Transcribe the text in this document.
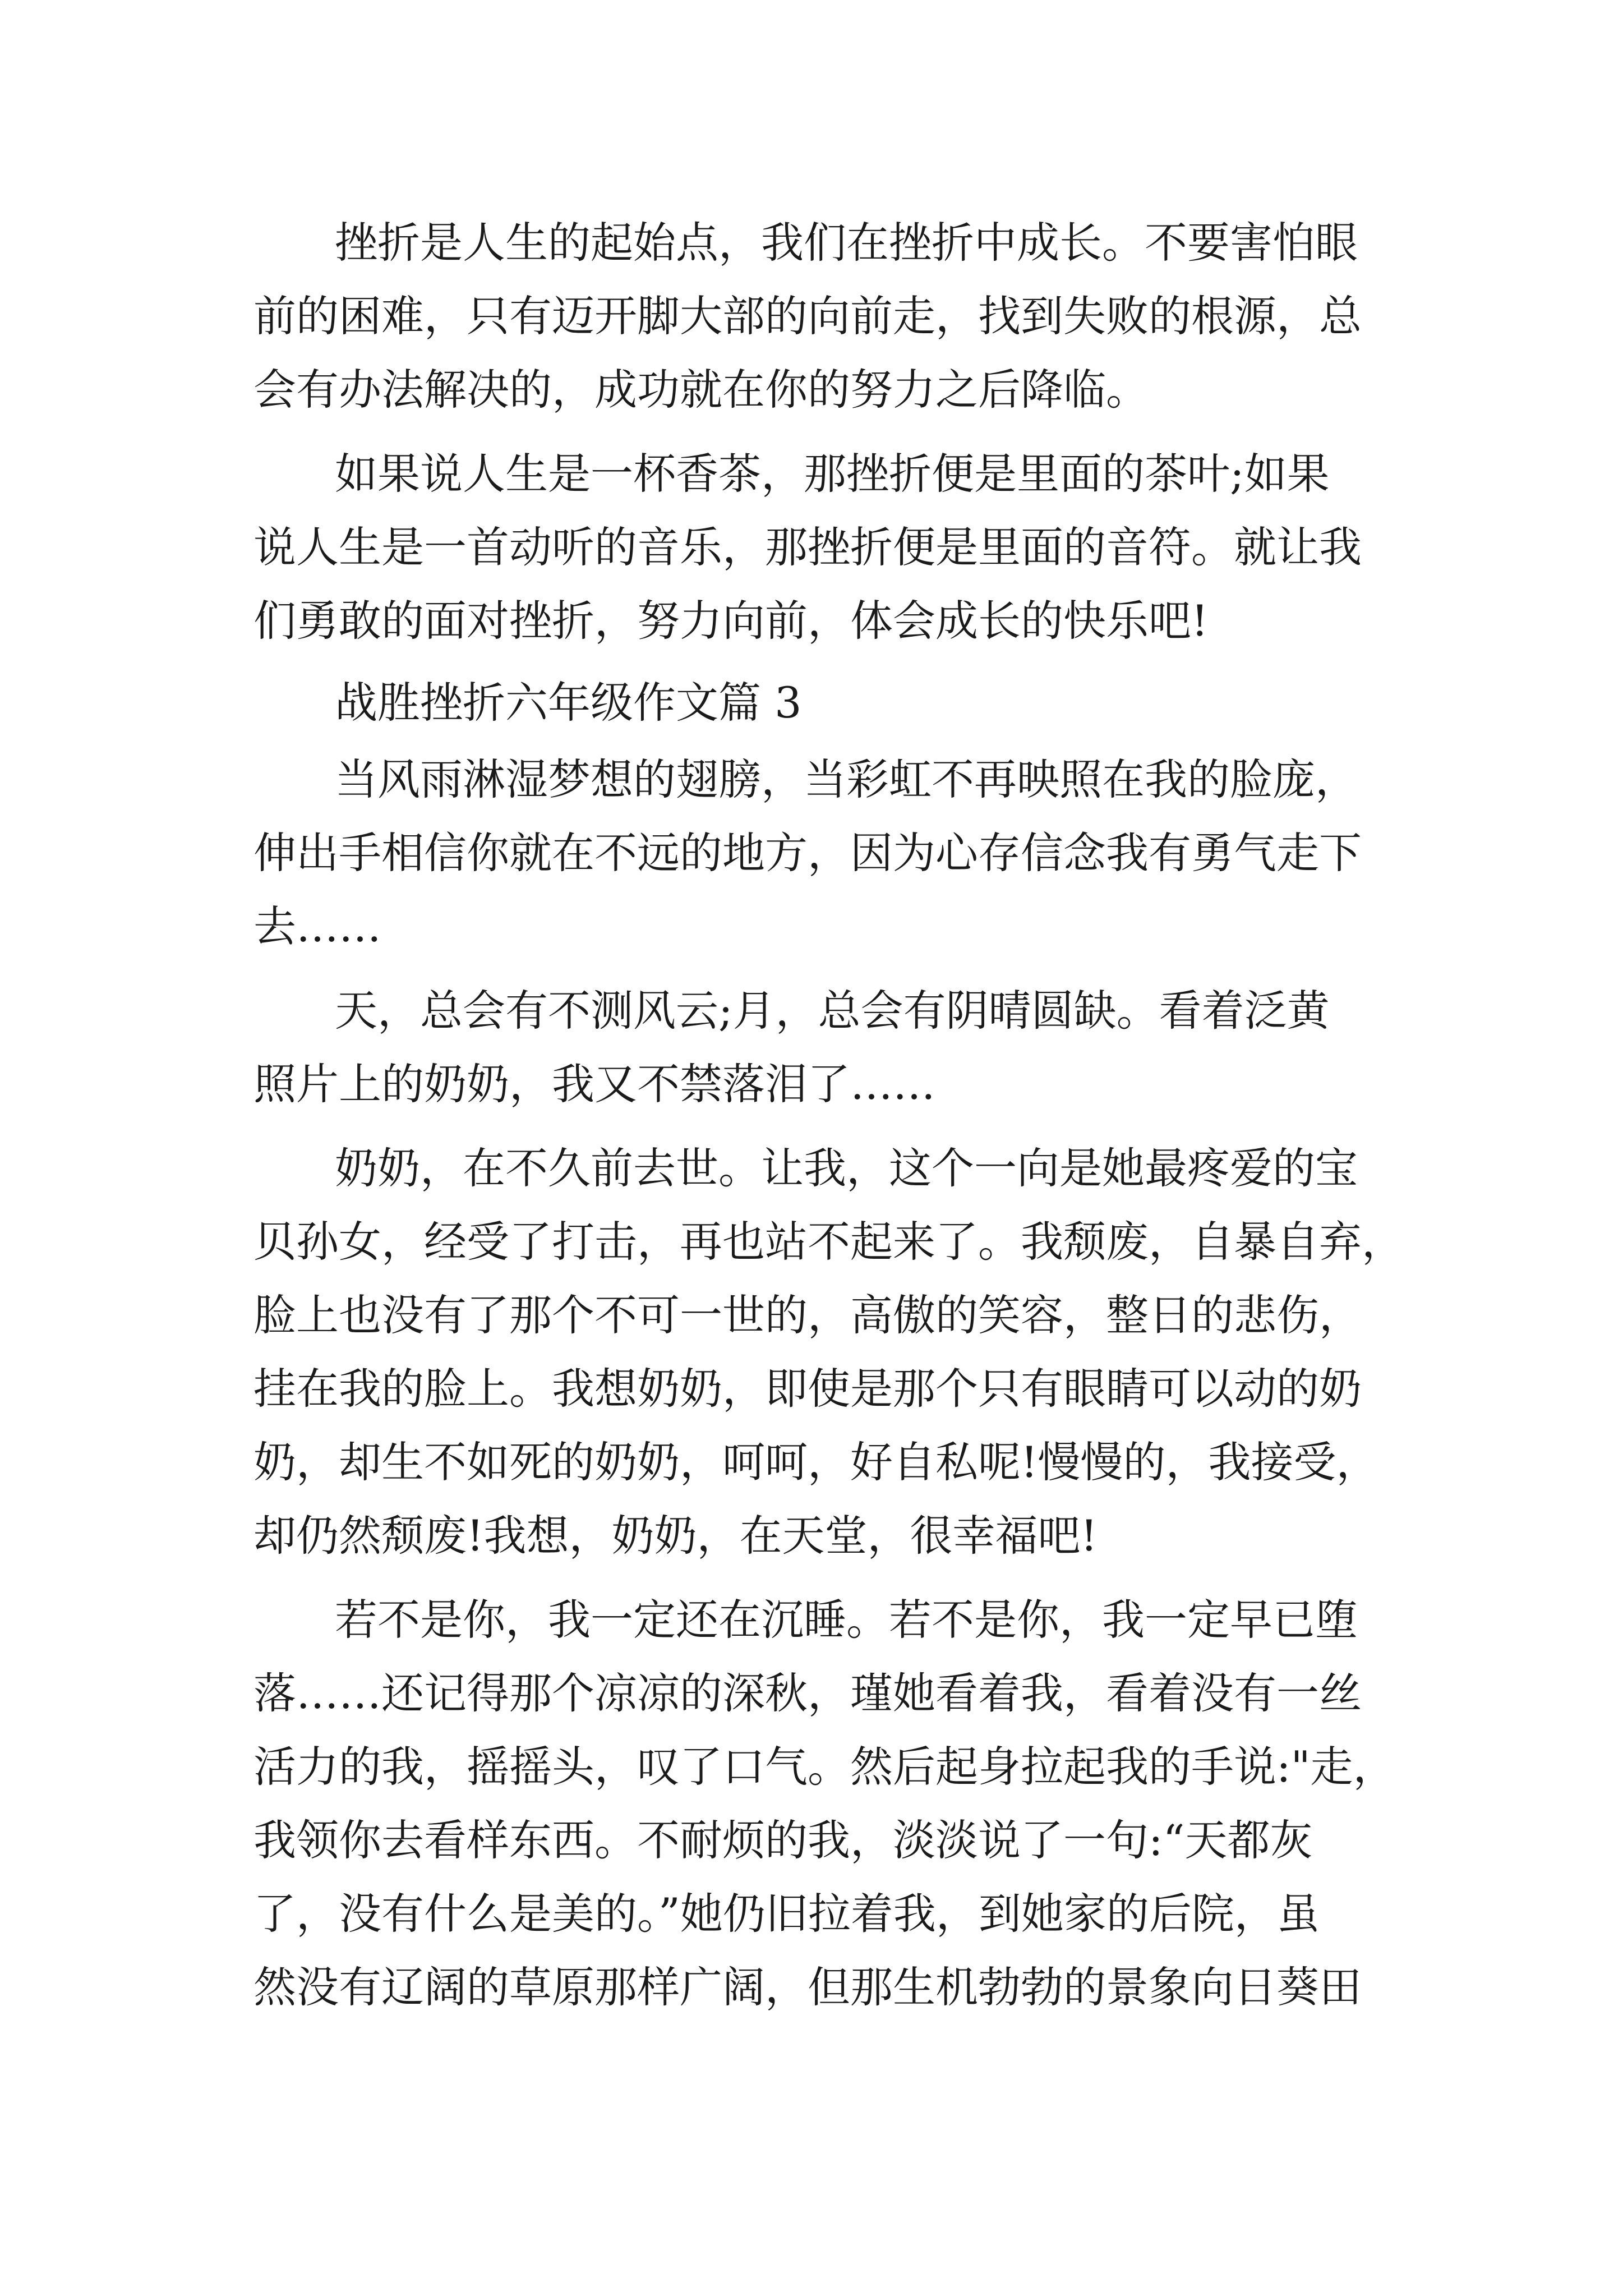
挫折是人生的起始点，我们在挫折中成长。不要害怕眼

前的困难，只有迈开脚大部的向前走，找到失败的根源，总

会有办法解决的，成功就在你的努力之后降临。

如果说人生是一杯香茶，那挫折便是里面的茶叶;如果

说人生是一首动听的音乐，那挫折便是里面的音符。就让我

们勇敢的面对挫折，努力向前，体会成长的快乐吧!

战胜挫折六年级作文篇 3

当风雨淋湿梦想的翅膀，当彩虹不再映照在我的脸庞，

伸出手相信你就在不远的地方，因为心存信念我有勇气走下

去……

天，总会有不测风云;月，总会有阴晴圆缺。看着泛黄

照片上的奶奶，我又不禁落泪了……

奶奶，在不久前去世。让我，这个一向是她最疼爱的宝

贝孙女，经受了打击，再也站不起来了。我颓废，自暴自弃，

脸上也没有了那个不可一世的，高傲的笑容，整日的悲伤，

挂在我的脸上。我想奶奶，即使是那个只有眼睛可以动的奶

奶，却生不如死的奶奶，呵呵，好自私呢!慢慢的，我接受，

却仍然颓废!我想，奶奶，在天堂，很幸福吧!

若不是你，我一定还在沉睡。若不是你，我一定早已堕

落……还记得那个凉凉的深秋，瑾她看着我，看着没有一丝

活力的我，摇摇头，叹了口气。然后起身拉起我的手说:"走，

我领你去看样东西。不耐烦的我，淡淡说了一句:“天都灰

了，没有什么是美的。”她仍旧拉着我，到她家的后院，虽

然没有辽阔的草原那样广阔，但那生机勃勃的景象向日葵田
